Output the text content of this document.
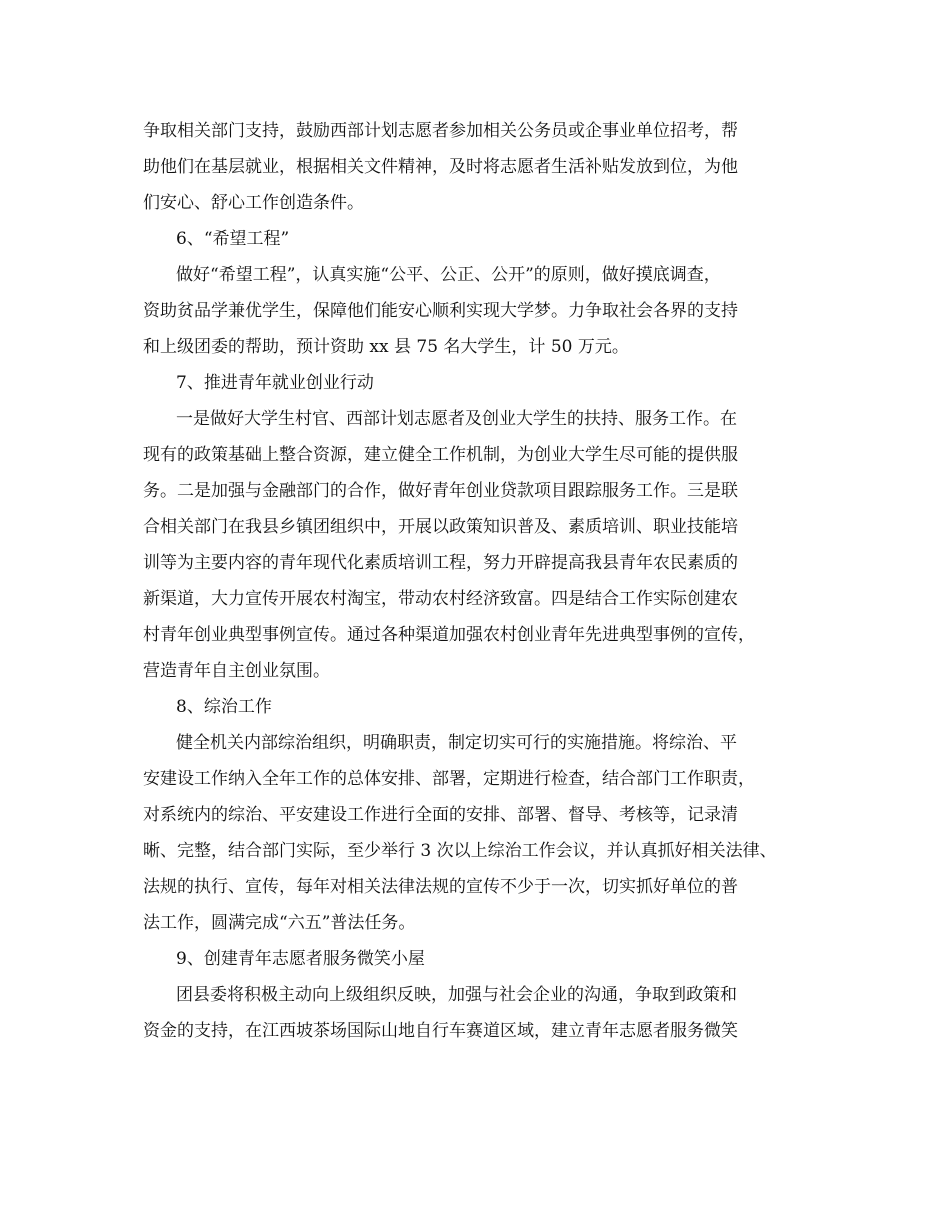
争取相关部门支持，鼓励西部计划志愿者参加相关公务员或企事业单位招考，帮
助他们在基层就业，根据相关文件精神，及时将志愿者生活补贴发放到位，为他
们安心、舒心工作创造条件。
6、“希望工程”
做好“希望工程”，认真实施“公平、公正、公开”的原则，做好摸底调查，
资助贫品学兼优学生，保障他们能安心顺利实现大学梦。力争取社会各界的支持
和上级团委的帮助，预计资助 xx 县 75 名大学生，计 50 万元。
7、推进青年就业创业行动
一是做好大学生村官、西部计划志愿者及创业大学生的扶持、服务工作。在
现有的政策基础上整合资源，建立健全工作机制，为创业大学生尽可能的提供服
务。二是加强与金融部门的合作，做好青年创业贷款项目跟踪服务工作。三是联
合相关部门在我县乡镇团组织中，开展以政策知识普及、素质培训、职业技能培
训等为主要内容的青年现代化素质培训工程，努力开辟提高我县青年农民素质的
新渠道，大力宣传开展农村淘宝，带动农村经济致富。四是结合工作实际创建农
村青年创业典型事例宣传。通过各种渠道加强农村创业青年先进典型事例的宣传，
营造青年自主创业氛围。
8、综治工作
健全机关内部综治组织，明确职责，制定切实可行的实施措施。将综治、平
安建设工作纳入全年工作的总体安排、部署，定期进行检查，结合部门工作职责，
对系统内的综治、平安建设工作进行全面的安排、部署、督导、考核等，记录清
晰、完整，结合部门实际，至少举行 3 次以上综治工作会议，并认真抓好相关法律、
法规的执行、宣传，每年对相关法律法规的宣传不少于一次，切实抓好单位的普
法工作，圆满完成“六五”普法任务。
9、创建青年志愿者服务微笑小屋
团县委将积极主动向上级组织反映，加强与社会企业的沟通，争取到政策和
资金的支持，在江西坡茶场国际山地自行车赛道区域，建立青年志愿者服务微笑
